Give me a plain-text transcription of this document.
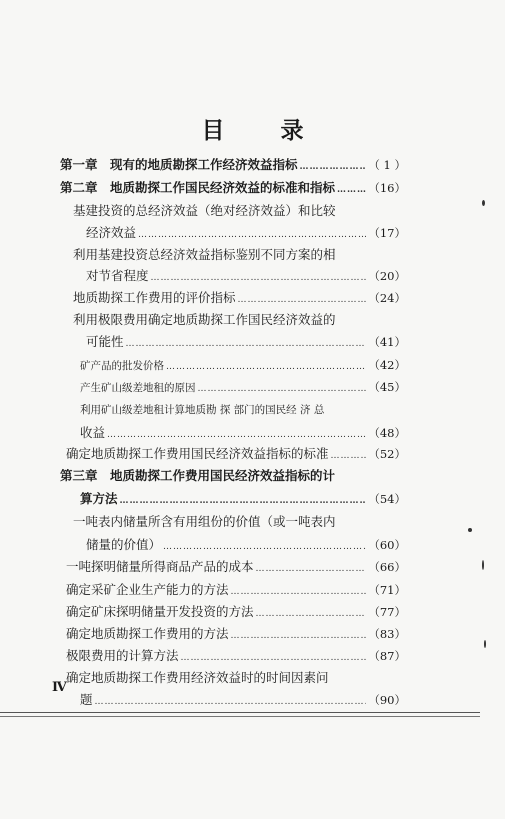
目 录
第一章　现有的地质勘探工作经济效益指标 ………………………………………………………………………………………………………………………………………………………………	（ 1 ）
第二章　地质勘探工作国民经济效益的标准和指标 ………………………………………………………………………………………………………………………………………………………………	（16）
基建投资的总经济效益（绝对经济效益）和比较
经济效益 ………………………………………………………………………………………………………………………………………………………………	（17）
利用基建投资总经济效益指标鉴别不同方案的相
对节省程度 ………………………………………………………………………………………………………………………………………………………………	（20）
地质勘探工作费用的评价指标 ………………………………………………………………………………………………………………………………………………………………	（24）
利用极限费用确定地质勘探工作国民经济效益的
可能性 ………………………………………………………………………………………………………………………………………………………………	（41）
矿产品的批发价格 ………………………………………………………………………………………………………………………………………………………………	（42）
产生矿山级差地租的原因 ………………………………………………………………………………………………………………………………………………………………	（45）
利用矿山级差地租计算地质勘 探 部门的国民经 济 总
收益 ………………………………………………………………………………………………………………………………………………………………	（48）
确定地质勘探工作费用国民经济效益指标的标准 ………………………………………………………………………………………………………………………………………………………………	（52）
第三章　地质勘探工作费用国民经济效益指标的计
算方法 ………………………………………………………………………………………………………………………………………………………………	（54）
一吨表内储量所含有用组份的价值（或一吨表内
储量的价值） ………………………………………………………………………………………………………………………………………………………………	（60）
一吨探明储量所得商品产品的成本 ………………………………………………………………………………………………………………………………………………………………	（66）
确定采矿企业生产能力的方法 ………………………………………………………………………………………………………………………………………………………………	（71）
确定矿床探明储量开发投资的方法 ………………………………………………………………………………………………………………………………………………………………	（77）
确定地质勘探工作费用的方法 ………………………………………………………………………………………………………………………………………………………………	（83）
极限费用的计算方法 ………………………………………………………………………………………………………………………………………………………………	（87）
确定地质勘探工作费用经济效益时的时间因素问
题 ………………………………………………………………………………………………………………………………………………………………	（90）
Ⅳ
